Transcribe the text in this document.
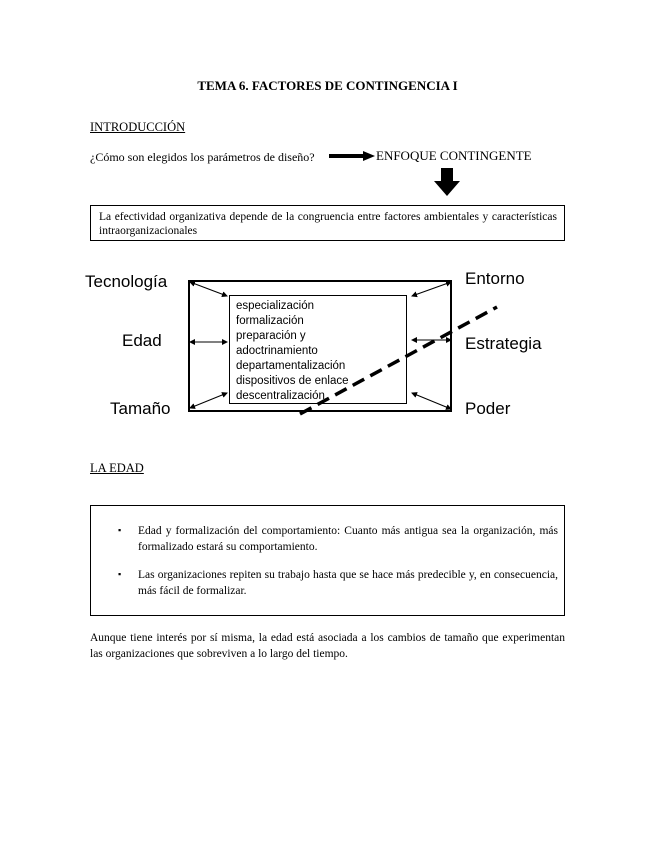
TEMA 6. FACTORES DE CONTINGENCIA I
INTRODUCCIÓN
¿Cómo son elegidos los parámetros de diseño?	ENFOQUE CONTINGENTE
La efectividad organizativa depende de la congruencia entre factores ambientales y características intraorganizacionales
especialización
formalización
preparación y
adoctrinamiento
departamentalización
dispositivos de enlace
descentralización
Tecnología
Edad
Tamaño
Entorno
Estrategia
Poder
LA EDAD
▪ Edad y formalización del comportamiento: Cuanto más antigua sea la organización, más formalizado estará su comportamiento.
▪ Las organizaciones repiten su trabajo hasta que se hace más predecible y, en consecuencia, más fácil de formalizar.
Aunque tiene interés por sí misma, la edad está asociada a los cambios de tamaño que experimentan las organizaciones que sobreviven a lo largo del tiempo.
